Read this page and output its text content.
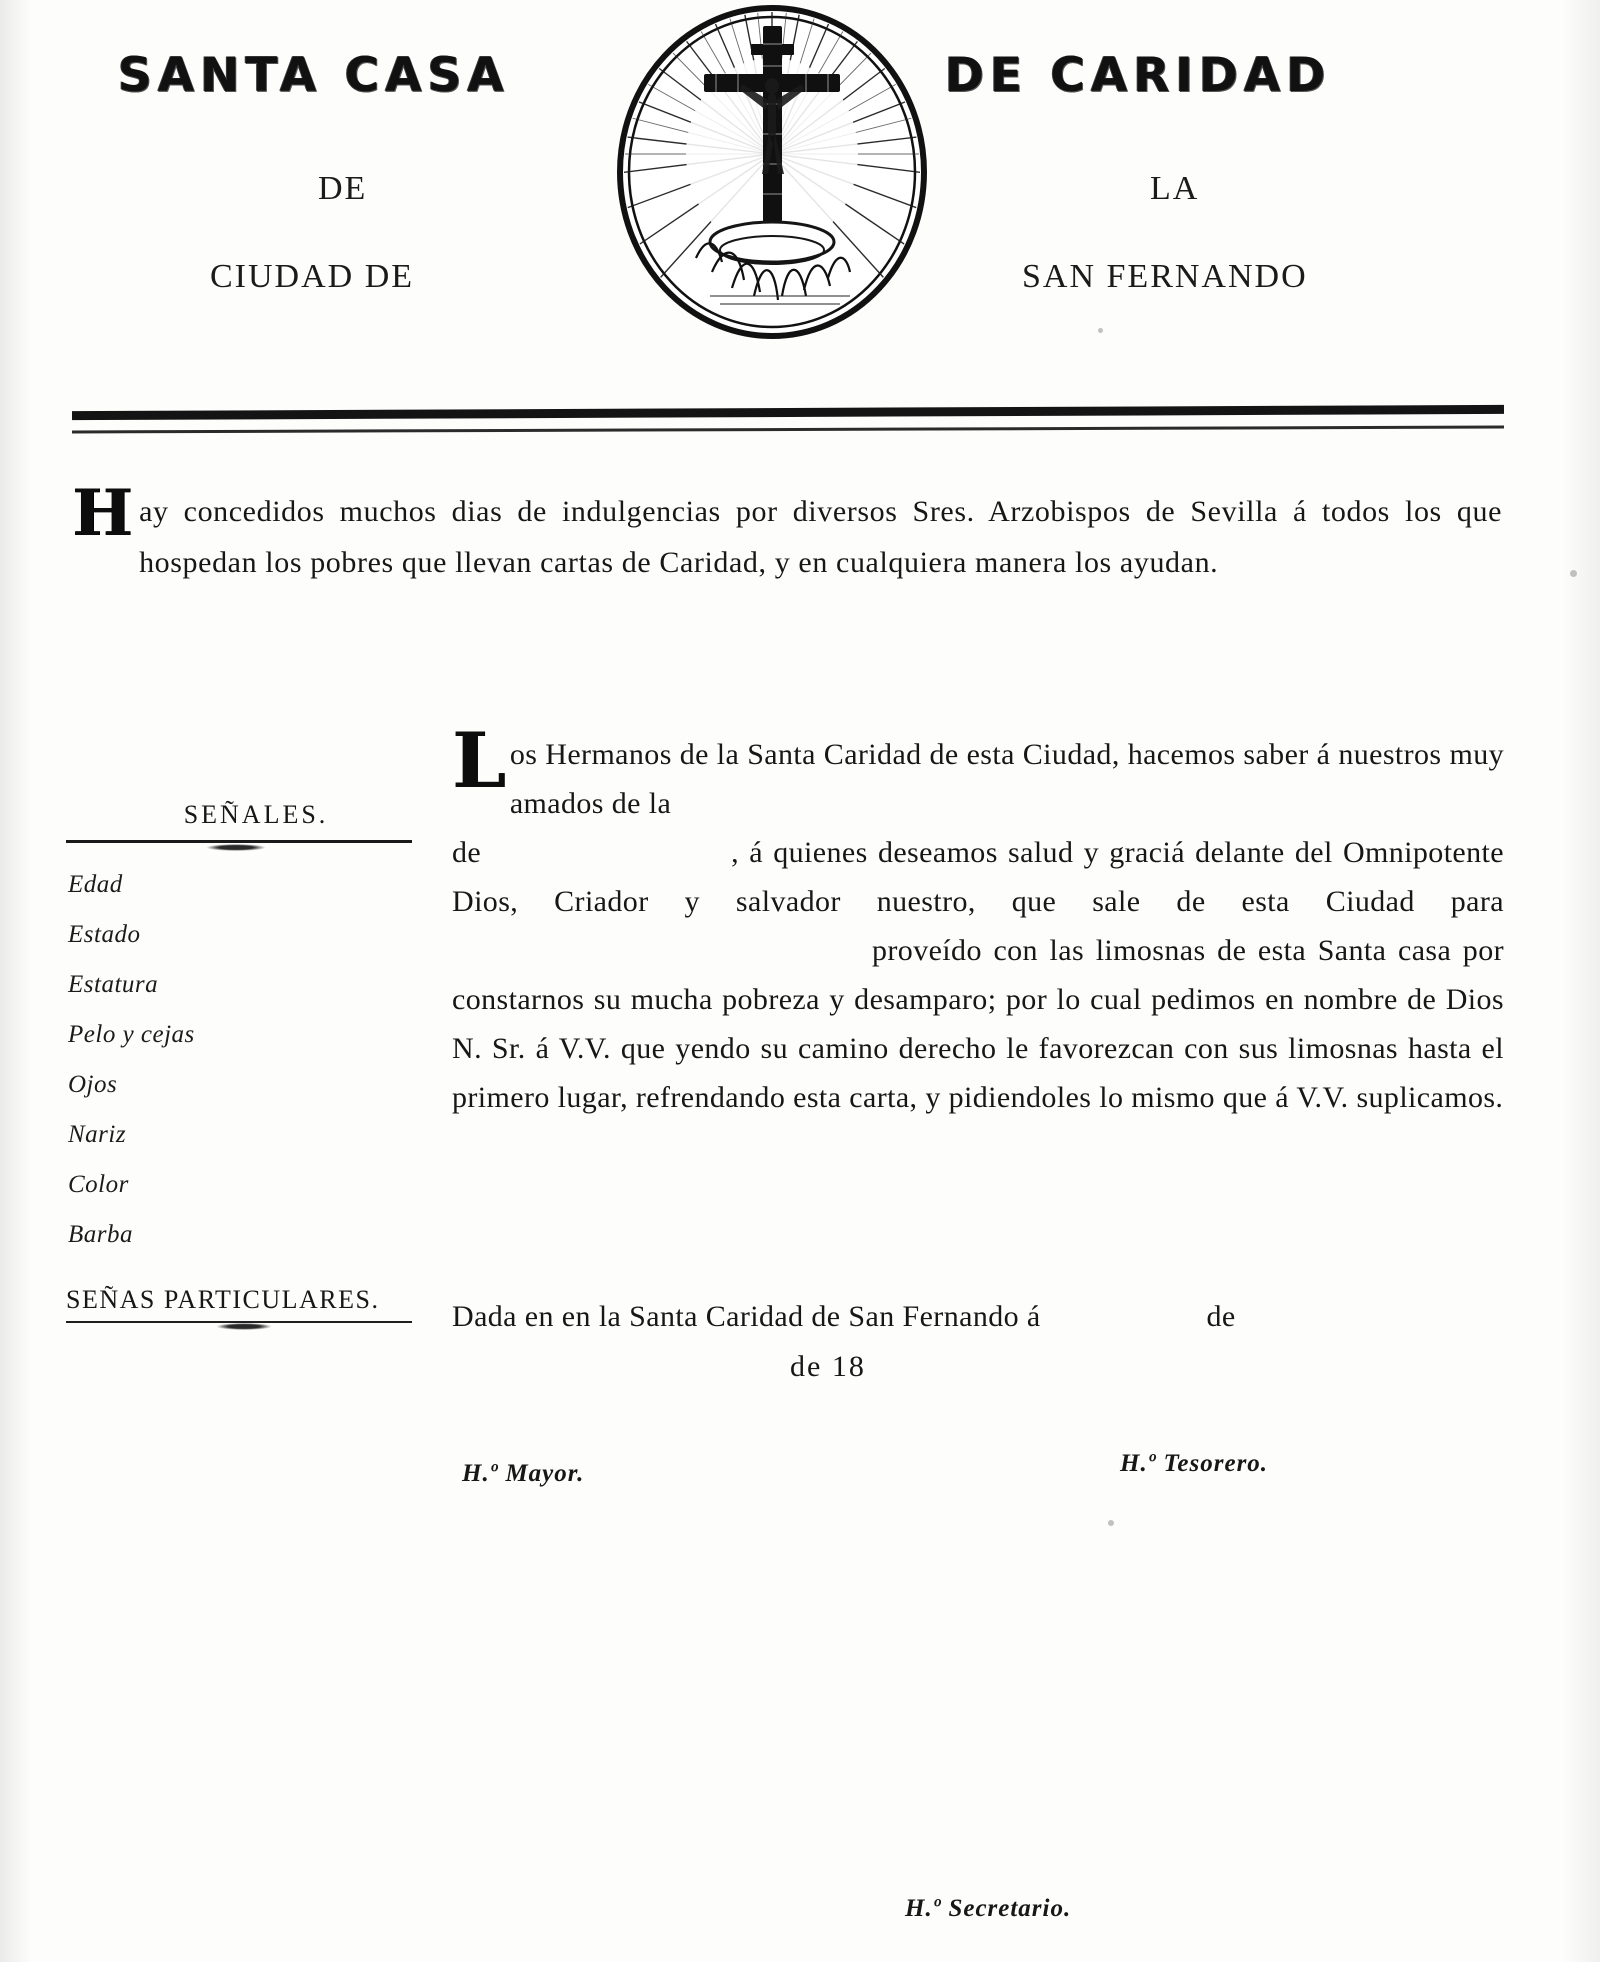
SANTA CASA	DE CARIDAD
DE
CIUDAD DE
LA
SAN FERNANDO
Hay concedidos muchos dias de indulgencias por diversos Sres. Arzobispos de Sevilla á todos los que hospedan los pobres que llevan cartas de Caridad, y en cualquiera manera los ayudan.
SEÑALES.
Edad
Estado
Estatura
Pelo y cejas
Ojos
Nariz
Color
Barba
SEÑAS PARTICULARES.
Los Hermanos de la Santa Caridad de esta Ciudad, hacemos saber á nuestros muy amados de la
de	, á quienes deseamos salud y graciá delante del Omnipotente Dios, Criador y salvador nuestro, que sale de esta Ciudad paraproveído con las limosnas de esta Santa casa por constarnos su mucha pobreza y desamparo; por lo cual pedimos en nombre de Dios N. Sr. á V.V. que yendo su camino derecho le favorezcan con sus limosnas hasta el primero lugar, refrendando esta carta, y pidiendoles lo mismo que á V.V. suplicamos.
Dada en en la Santa Caridad de San Fernando á	de
de 18
H.º Mayor.	H.º Tesorero.
H.º Secretario.
